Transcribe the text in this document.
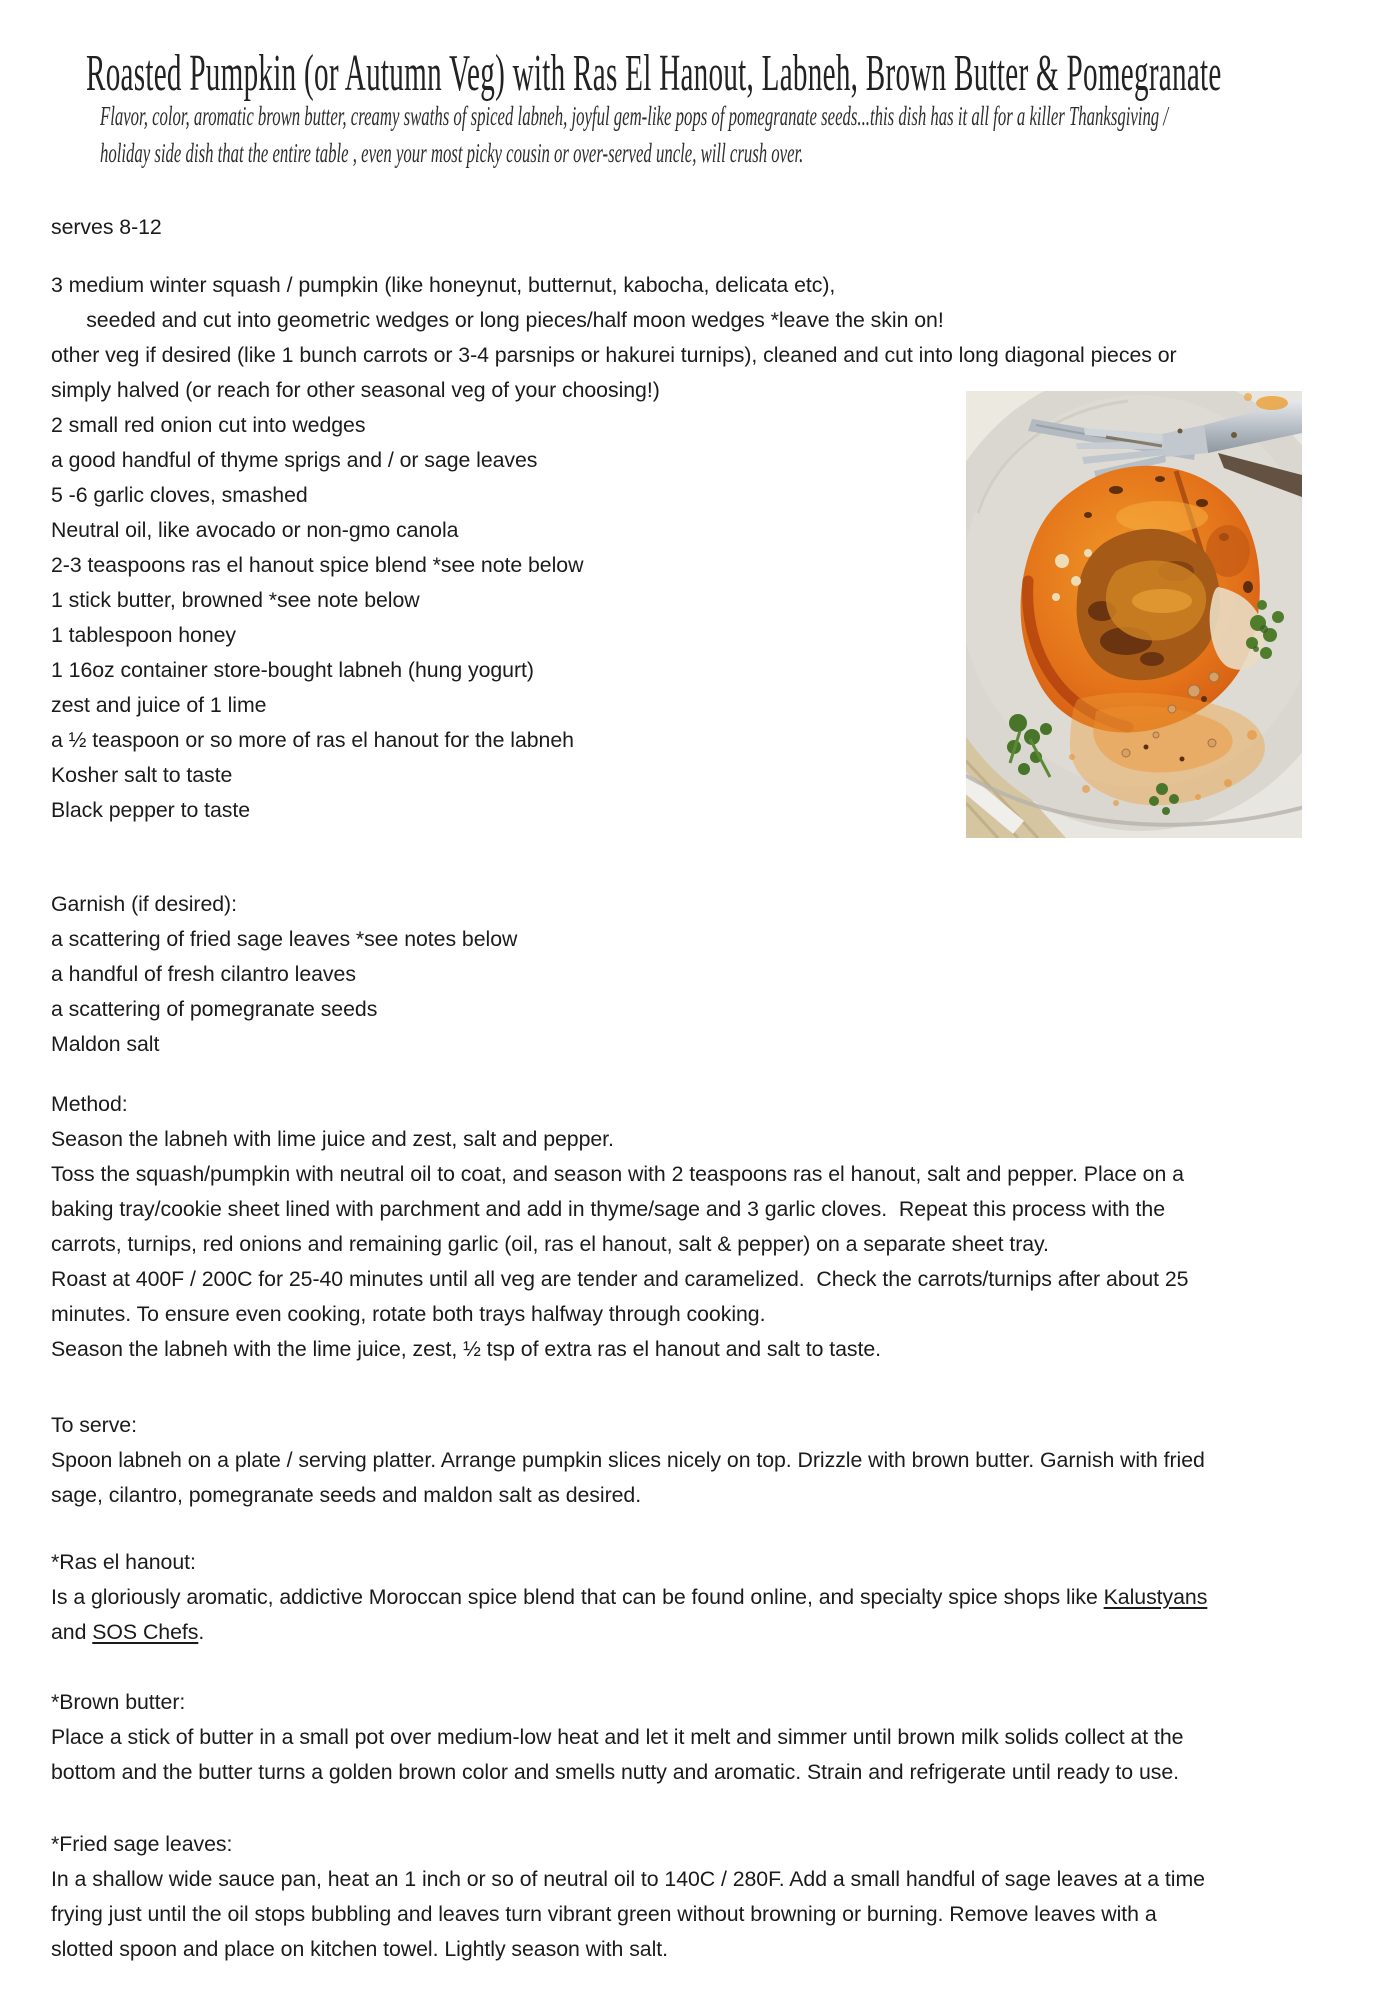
Roasted Pumpkin (or Autumn Veg) with Ras El Hanout, Labneh, Brown Butter & Pomegranate

Flavor, color, aromatic brown butter, creamy swaths of spiced labneh, joyful gem-like pops of pomegranate seeds...this dish has it all for a killer Thanksgiving /
holiday side dish that the entire table , even your most picky cousin or over-served uncle, will crush over.
serves 8-12
3 medium winter squash / pumpkin (like honeynut, butternut, kabocha, delicata etc),
seeded and cut into geometric wedges or long pieces/half moon wedges *leave the skin on!
other veg if desired (like 1 bunch carrots or 3-4 parsnips or hakurei turnips), cleaned and cut into long diagonal pieces or
simply halved (or reach for other seasonal veg of your choosing!)
2 small red onion cut into wedges
a good handful of thyme sprigs and / or sage leaves
5 -6 garlic cloves, smashed
Neutral oil, like avocado or non-gmo canola
2-3 teaspoons ras el hanout spice blend *see note below
1 stick butter, browned *see note below
1 tablespoon honey
1 16oz container store-bought labneh (hung yogurt)
zest and juice of 1 lime
a ½ teaspoon or so more of ras el hanout for the labneh
Kosher salt to taste
Black pepper to taste
Garnish (if desired):
a scattering of fried sage leaves *see notes below
a handful of fresh cilantro leaves
a scattering of pomegranate seeds
Maldon salt
Method:
Season the labneh with lime juice and zest, salt and pepper.
Toss the squash/pumpkin with neutral oil to coat, and season with 2 teaspoons ras el hanout, salt and pepper. Place on a
baking tray/cookie sheet lined with parchment and add in thyme/sage and 3 garlic cloves.  Repeat this process with the
carrots, turnips, red onions and remaining garlic (oil, ras el hanout, salt & pepper) on a separate sheet tray.
Roast at 400F / 200C for 25-40 minutes until all veg are tender and caramelized.  Check the carrots/turnips after about 25
minutes. To ensure even cooking, rotate both trays halfway through cooking.
Season the labneh with the lime juice, zest, ½ tsp of extra ras el hanout and salt to taste.
To serve:
Spoon labneh on a plate / serving platter. Arrange pumpkin slices nicely on top. Drizzle with brown butter. Garnish with fried
sage, cilantro, pomegranate seeds and maldon salt as desired.
*Ras el hanout:
Is a gloriously aromatic, addictive Moroccan spice blend that can be found online, and specialty spice shops like Kalustyans
and SOS Chefs.
*Brown butter:
Place a stick of butter in a small pot over medium-low heat and let it melt and simmer until brown milk solids collect at the
bottom and the butter turns a golden brown color and smells nutty and aromatic. Strain and refrigerate until ready to use.
*Fried sage leaves:
In a shallow wide sauce pan, heat an 1 inch or so of neutral oil to 140C / 280F. Add a small handful of sage leaves at a time
frying just until the oil stops bubbling and leaves turn vibrant green without browning or burning. Remove leaves with a
slotted spoon and place on kitchen towel. Lightly season with salt.
